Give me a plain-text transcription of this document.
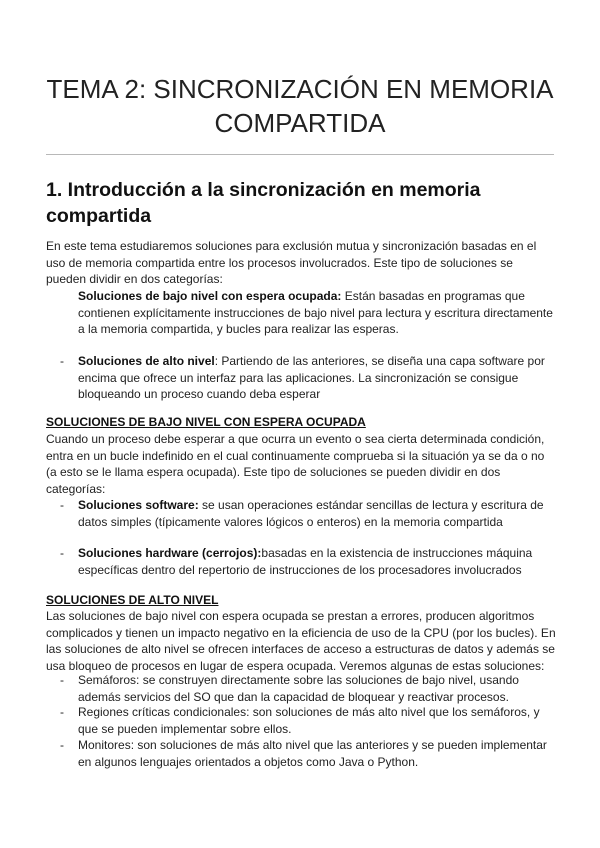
TEMA 2: SINCRONIZACIÓN EN MEMORIA COMPARTIDA
1. Introducción a la sincronización en memoria compartida

En este tema estudiaremos soluciones para exclusión mutua y sincronización basadas en el uso de memoria compartida entre los procesos involucrados. Este tipo de soluciones se pueden dividir en dos categorías:

Soluciones de bajo nivel con espera ocupada: Están basadas en programas que contienen explícitamente instrucciones de bajo nivel para lectura y escritura directamente a la memoria compartida, y bucles para realizar las esperas.

- Soluciones de alto nivel: Partiendo de las anteriores, se diseña una capa software por encima que ofrece un interfaz para las aplicaciones. La sincronización se consigue bloqueando un proceso cuando deba esperar

SOLUCIONES DE BAJO NIVEL CON ESPERA OCUPADA

Cuando un proceso debe esperar a que ocurra un evento o sea cierta determinada condición, entra en un bucle indefinido en el cual continuamente comprueba si la situación ya se da o no (a esto se le llama espera ocupada). Este tipo de soluciones se pueden dividir en dos categorías:

- Soluciones software: se usan operaciones estándar sencillas de lectura y escritura de datos simples (típicamente valores lógicos o enteros) en la memoria compartida

- Soluciones hardware (cerrojos):basadas en la existencia de instrucciones máquina específicas dentro del repertorio de instrucciones de los procesadores involucrados

SOLUCIONES DE ALTO NIVEL

Las soluciones de bajo nivel con espera ocupada se prestan a errores, producen algoritmos complicados y tienen un impacto negativo en la eficiencia de uso de la CPU (por los bucles). En las soluciones de alto nivel se ofrecen interfaces de acceso a estructuras de datos y además se usa bloqueo de procesos en lugar de espera ocupada. Veremos algunas de estas soluciones:

- Semáforos: se construyen directamente sobre las soluciones de bajo nivel, usando además servicios del SO que dan la capacidad de bloquear y reactivar procesos.

- Regiones críticas condicionales: son soluciones de más alto nivel que los semáforos, y que se pueden implementar sobre ellos.

- Monitores: son soluciones de más alto nivel que las anteriores y se pueden implementar en algunos lenguajes orientados a objetos como Java o Python.
